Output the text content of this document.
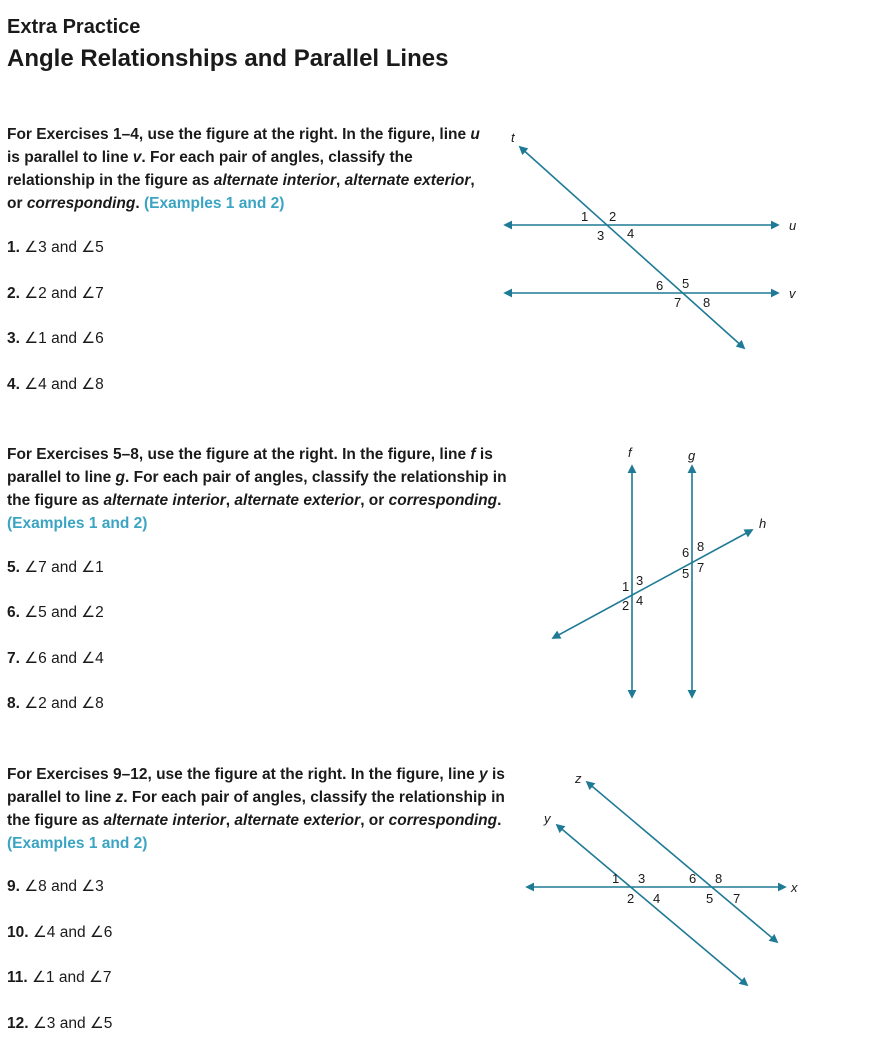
Extra Practice
Angle Relationships and Parallel Lines

For Exercises 1–4, use the figure at the right. In the figure, line u is parallel to line v. For each pair of angles, classify the relationship in the figure as alternate interior, alternate exterior, or corresponding. (Examples 1 and 2)

1. ∠3 and ∠5
2. ∠2 and ∠7
3. ∠1 and ∠6
4. ∠4 and ∠8
t
u
v
1 2
3 4
5
6
7 8
f	g
h
1
2
3
4
5
6
7
8
z
y
x
1
2
3
4	5
6
7
8

For Exercises 5–8, use the figure at the right. In the figure, line f is parallel to line g. For each pair of angles, classify the relationship in the figure as alternate interior, alternate exterior, or corresponding. (Examples 1 and 2)

5. ∠7 and ∠1
6. ∠5 and ∠2
7. ∠6 and ∠4
8. ∠2 and ∠8

For Exercises 9–12, use the figure at the right. In the figure, line y is parallel to line z. For each pair of angles, classify the relationship in the figure as alternate interior, alternate exterior, or corresponding. (Examples 1 and 2)

9. ∠8 and ∠3
10. ∠4 and ∠6
11. ∠1 and ∠7
12. ∠3 and ∠5
